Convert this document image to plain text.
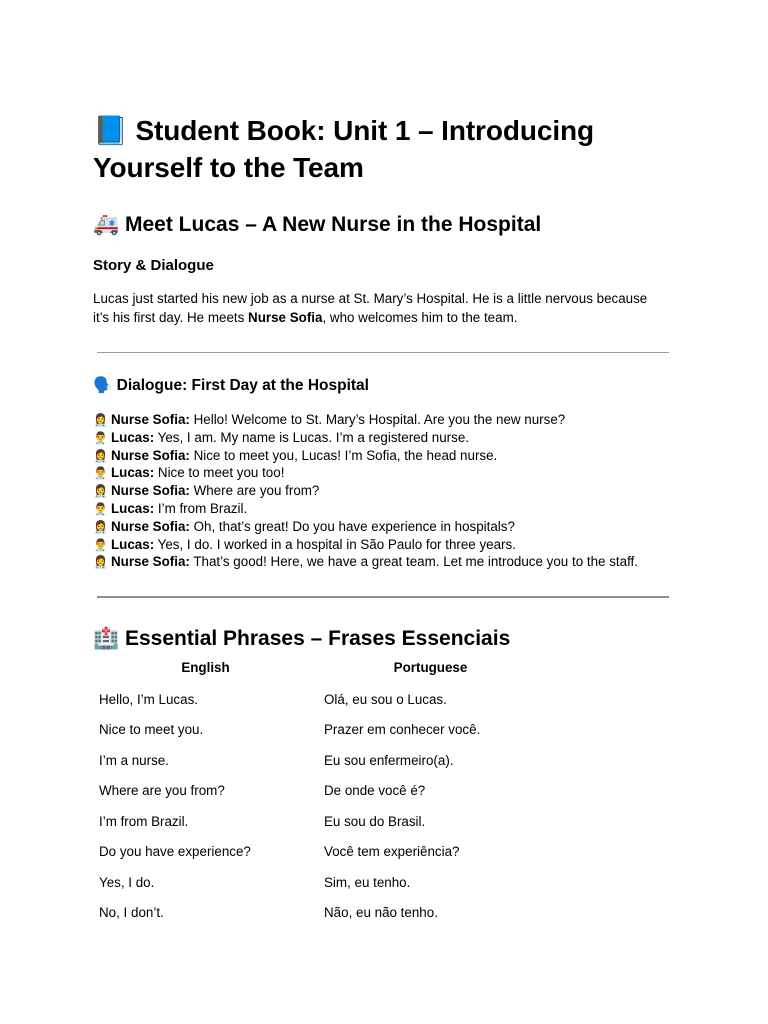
📘 Student Book: Unit 1 – Introducing Yourself to the Team
🚑 Meet Lucas – A New Nurse in the Hospital
Story & Dialogue

Lucas just started his new job as a nurse at St. Mary’s Hospital. He is a little nervous because it’s his first day. He meets Nurse Sofia, who welcomes him to the team.

🗣️ Dialogue: First Day at the Hospital
👩‍⚕️ Nurse Sofia: Hello! Welcome to St. Mary’s Hospital. Are you the new nurse?
👨‍⚕️ Lucas: Yes, I am. My name is Lucas. I’m a registered nurse.
👩‍⚕️ Nurse Sofia: Nice to meet you, Lucas! I’m Sofia, the head nurse.
👨‍⚕️ Lucas: Nice to meet you too!
👩‍⚕️ Nurse Sofia: Where are you from?
👨‍⚕️ Lucas: I’m from Brazil.
👩‍⚕️ Nurse Sofia: Oh, that’s great! Do you have experience in hospitals?
👨‍⚕️ Lucas: Yes, I do. I worked in a hospital in São Paulo for three years.
👩‍⚕️ Nurse Sofia: That’s good! Here, we have a great team. Let me introduce you to the staff.
🏥 Essential Phrases – Frases Essenciais
English	Portuguese
Hello, I’m Lucas.	Olá, eu sou o Lucas.
Nice to meet you.	Prazer em conhecer você.
I’m a nurse.	Eu sou enfermeiro(a).
Where are you from?	De onde você é?
I’m from Brazil.	Eu sou do Brasil.
Do you have experience?	Você tem experiência?
Yes, I do.	Sim, eu tenho.
No, I don’t.	Não, eu não tenho.
